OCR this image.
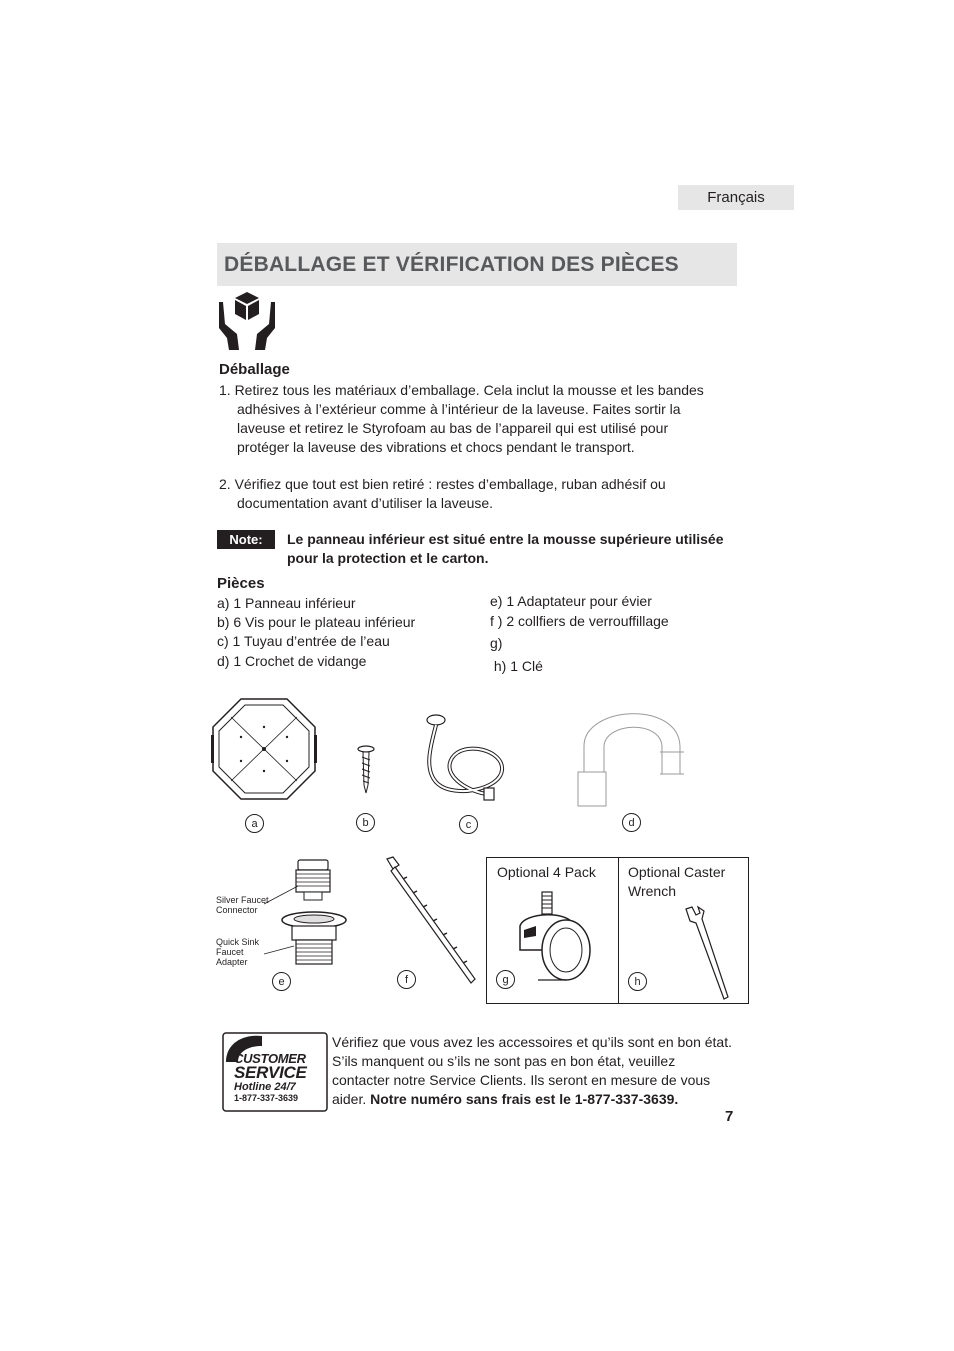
Français
DÉBALLAGE ET VÉRIFICATION DES PIÈCES
Déballage
1. Retirez tous les matériaux d’emballage. Cela inclut la mousse et les bandes adhésives à l’extérieur comme à l’intérieur de la laveuse. Faites sortir la laveuse et retirez le Styrofoam au bas de l’appareil qui est utilisé pour protéger la laveuse des vibrations et chocs pendant le transport.
2. Vérifiez que tout est bien retiré : restes d’emballage, ruban adhésif ou documentation avant d’utiliser la laveuse.
Note:	Le panneau inférieur est situé entre la mousse supérieure utilisée pour la protection et le carton.
Pièces
a) 1 Panneau inférieur
b) 6 Vis pour le plateau inférieur
c) 1 Tuyau d’entrée de l’eau
d) 1 Crochet de vidange
e) 1 Adaptateur pour évier
f ) 2 collfiers de verrouffillage
g)
h) 1 Clé
a	b	c	d
Silver Faucet
Connector
Quick Sink
Faucet
Adapter
e	f
Optional 4 Pack Optional Caster
Wrench
g	h
CUSTOMER
SERVICE
Hotline 24/7
1-877-337-3639
Vérifiez que vous avez les accessoires et qu’ils sont en bon état. S’ils manquent ou s’ils ne sont pas en bon état, veuillez contacter notre Service Clients. Ils seront en mesure de vous aider. Notre numéro sans frais est le 1-877-337-3639.
7
